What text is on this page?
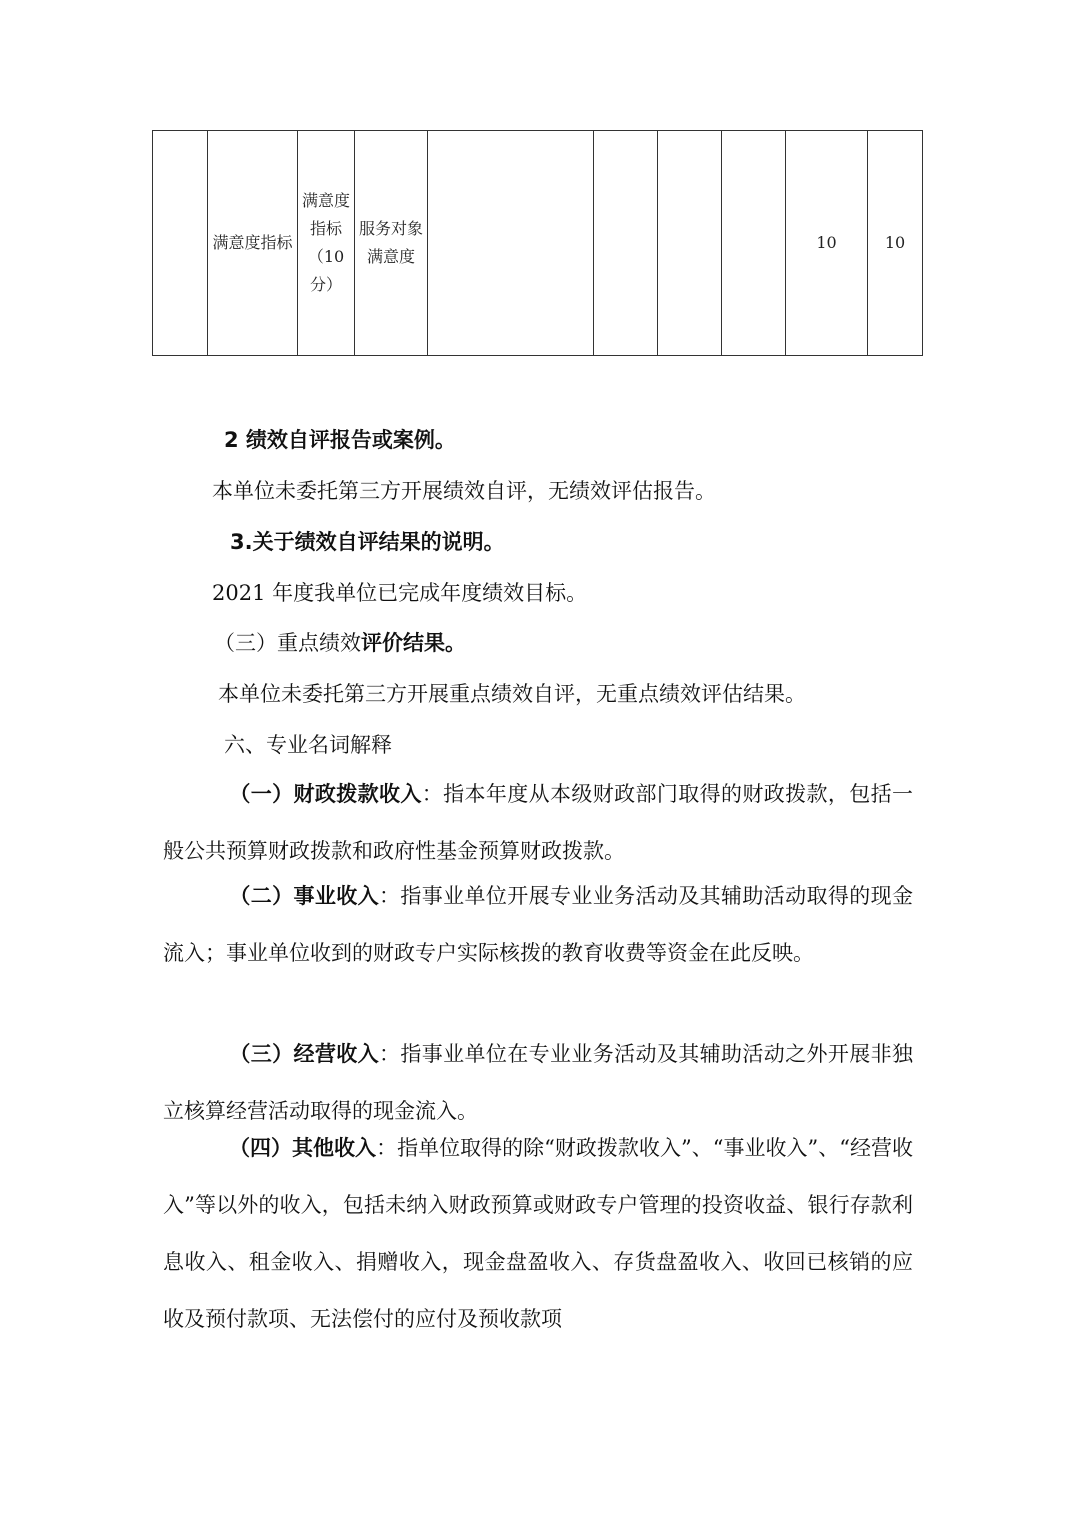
	满意度指标	满意度指标（10分）	服务对象满意度					10	10
2 绩效自评报告或案例。
本单位未委托第三方开展绩效自评，无绩效评估报告。
3.关于绩效自评结果的说明。
2021 年度我单位已完成年度绩效目标。
（三）重点绩效评价结果。
本单位未委托第三方开展重点绩效自评，无重点绩效评估结果。
六、专业名词解释
（一）财政拨款收入：指本年度从本级财政部门取得的财政拨款，包括一般公共预算财政拨款和政府性基金预算财政拨款。
（二）事业收入：指事业单位开展专业业务活动及其辅助活动取得的现金流入；事业单位收到的财政专户实际核拨的教育收费等资金在此反映。
（三）经营收入：指事业单位在专业业务活动及其辅助活动之外开展非独立核算经营活动取得的现金流入。
（四）其他收入：指单位取得的除“财政拨款收入”、“事业收入”、“经营收入”等以外的收入，包括未纳入财政预算或财政专户管理的投资收益、银行存款利息收入、租金收入、捐赠收入，现金盘盈收入、存货盘盈收入、收回已核销的应收及预付款项、无法偿付的应付及预收款项
